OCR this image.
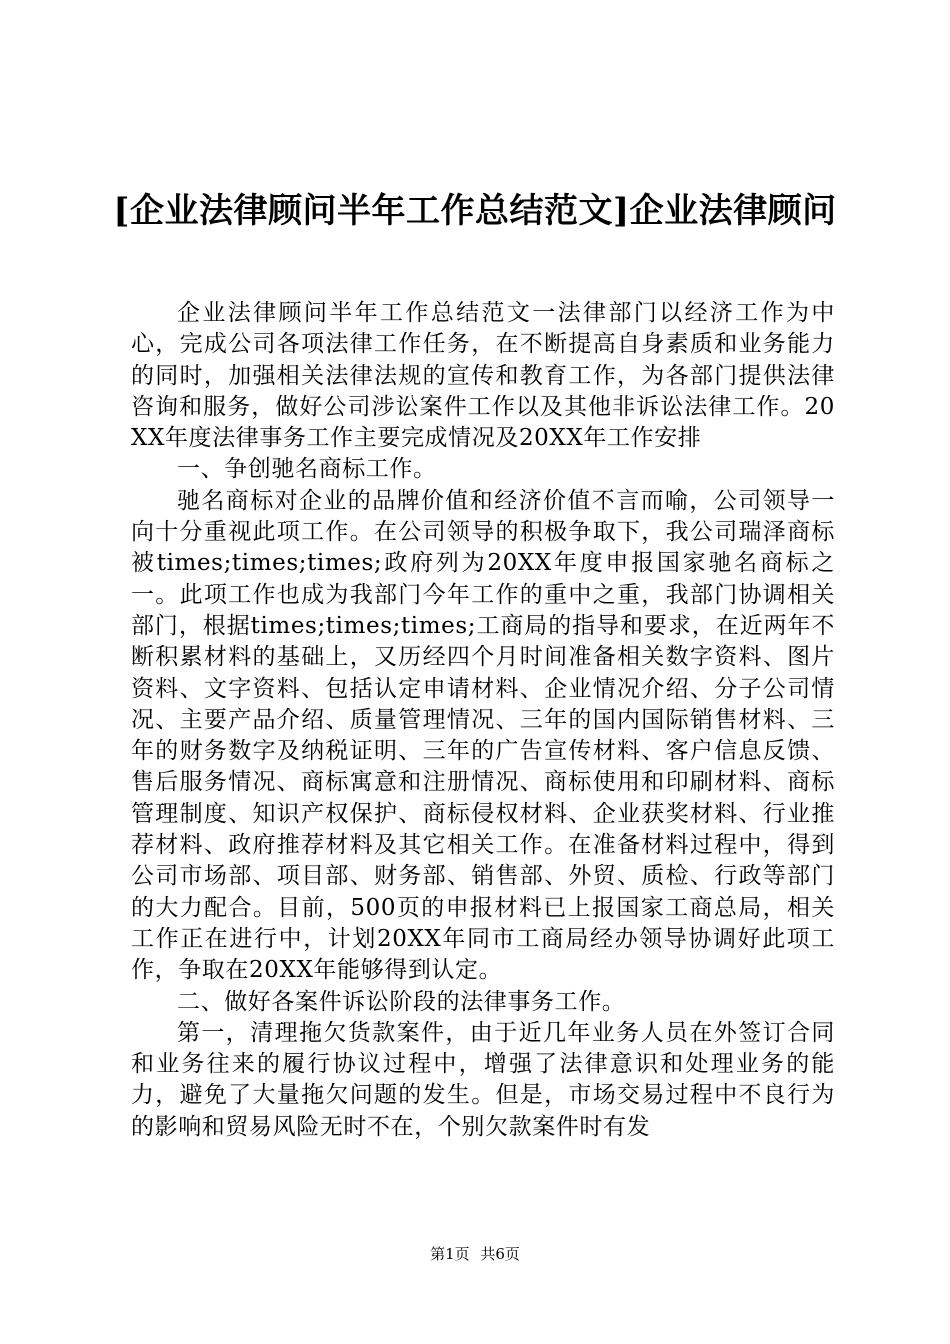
[企业法律顾问半年工作总结范文]企业法律顾问

企业法律顾问半年工作总结范文一法律部门以经济工作为中心，完成公司各项法律工作任务，在不断提高自身素质和业务能力的同时，加强相关法律法规的宣传和教育工作，为各部门提供法律咨询和服务，做好公司涉讼案件工作以及其他非诉讼法律工作。20XX年度法律事务工作主要完成情况及20XX年工作安排

一、争创驰名商标工作。

驰名商标对企业的品牌价值和经济价值不言而喻，公司领导一向十分重视此项工作。在公司领导的积极争取下，我公司瑞泽商标被times;times;times;政府列为20XX年度申报国家驰名商标之一。此项工作也成为我部门今年工作的重中之重，我部门协调相关部门，根据times;times;times;工商局的指导和要求，在近两年不断积累材料的基础上，又历经四个月时间准备相关数字资料、图片资料、文字资料、包括认定申请材料、企业情况介绍、分子公司情况、主要产品介绍、质量管理情况、三年的国内国际销售材料、三年的财务数字及纳税证明、三年的广告宣传材料、客户信息反馈、售后服务情况、商标寓意和注册情况、商标使用和印刷材料、商标管理制度、知识产权保护、商标侵权材料、企业获奖材料、行业推荐材料、政府推荐材料及其它相关工作。在准备材料过程中，得到公司市场部、项目部、财务部、销售部、外贸、质检、行政等部门的大力配合。目前，500页的申报材料已上报国家工商总局，相关工作正在进行中，计划20XX年同市工商局经办领导协调好此项工作，争取在20XX年能够得到认定。

二、做好各案件诉讼阶段的法律事务工作。

第一，清理拖欠货款案件，由于近几年业务人员在外签订合同和业务往来的履行协议过程中，增强了法律意识和处理业务的能力，避免了大量拖欠问题的发生。但是，市场交易过程中不良行为的影响和贸易风险无时不在，个别欠款案件时有发

第1页 共6页
